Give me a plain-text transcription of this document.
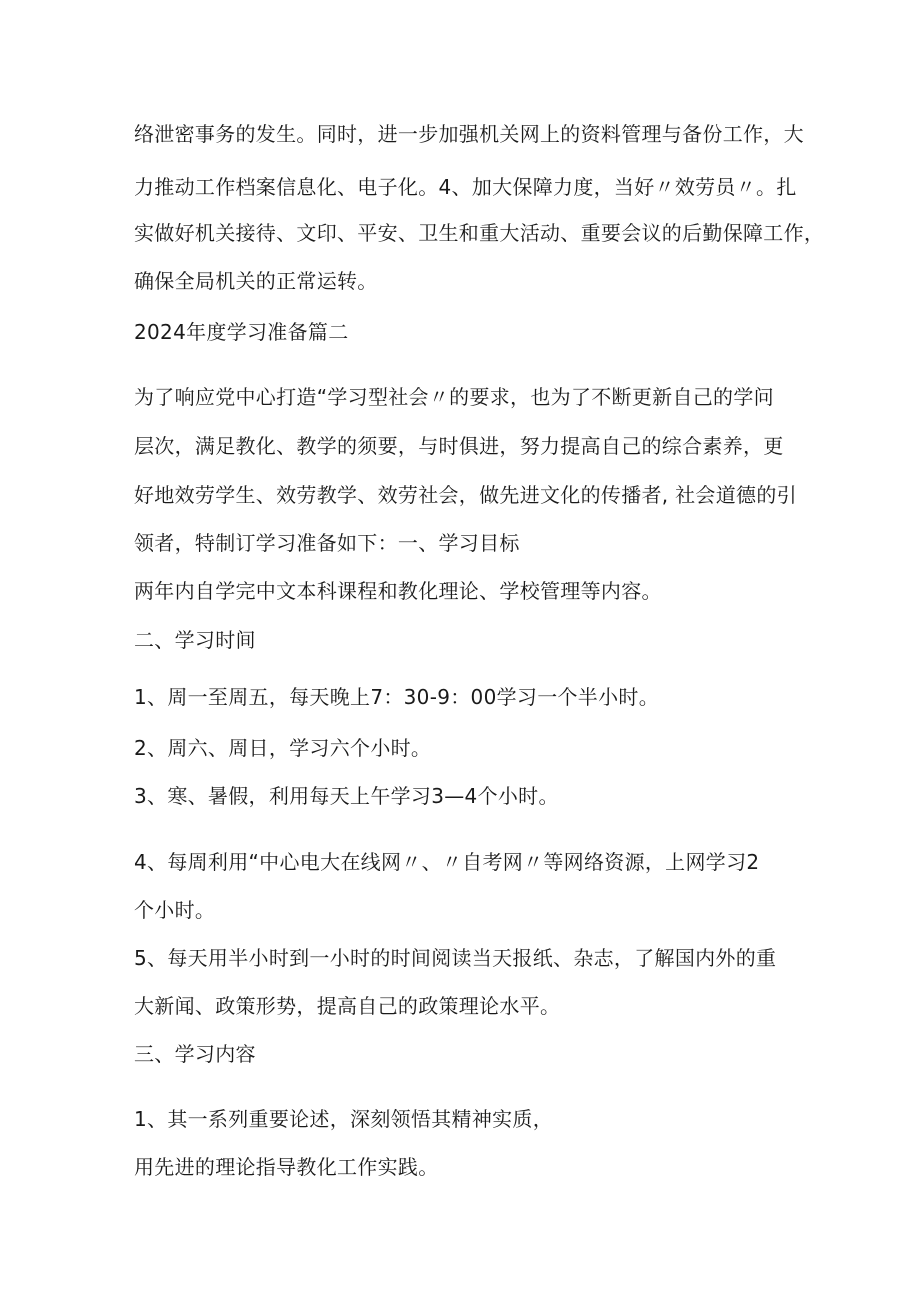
络泄密事务的发生。同时，进一步加强机关网上的资料管理与备份工作，大
力推动工作档案信息化、电子化。4、加大保障力度，当好〃效劳员〃。扎
实做好机关接待、文印、平安、卫生和重大活动、重要会议的后勤保障工作，
确保全局机关的正常运转。
2024年度学习准备篇二
为了响应党中心打造“学习型社会〃的要求，也为了不断更新自己的学问
层次，满足教化、教学的须要，与时俱进，努力提高自己的综合素养，更
好地效劳学生、效劳教学、效劳社会，做先进文化的传播者, 社会道德的引
领者，特制订学习准备如下：一、学习目标
两年内自学完中文本科课程和教化理论、学校管理等内容。
二、学习时间
1、周一至周五，每天晚上7：30-9：00学习一个半小时。
2、周六、周日，学习六个小时。
3、寒、暑假，利用每天上午学习3—4个小时。
4、每周利用“中心电大在线网〃、〃自考网〃等网络资源，上网学习2
个小时。
5、每天用半小时到一小时的时间阅读当天报纸、杂志，了解国内外的重
大新闻、政策形势，提高自己的政策理论水平。
三、学习内容
1、其一系列重要论述，深刻领悟其精神实质，
用先进的理论指导教化工作实践。
